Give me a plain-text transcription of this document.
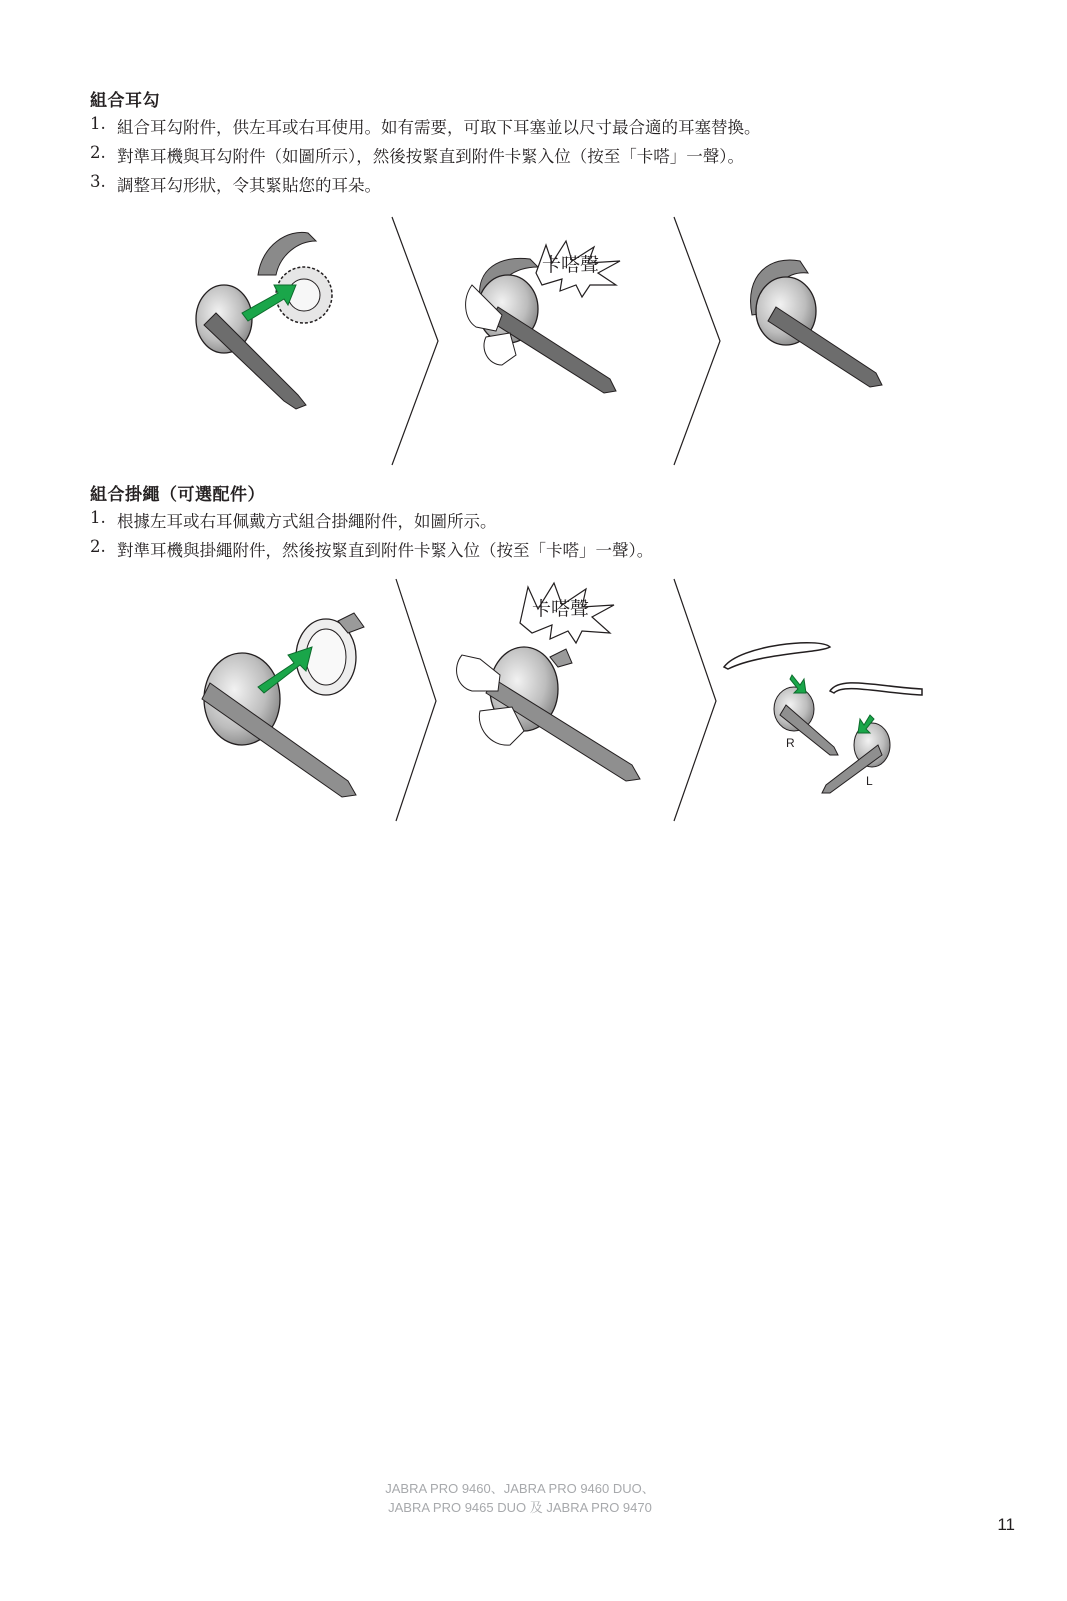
組合耳勾
1. 組合耳勾附件，供左耳或右耳使用。如有需要，可取下耳塞並以尺寸最合適的耳塞替換。
2. 對準耳機與耳勾附件（如圖所示），然後按緊直到附件卡緊入位（按至「卡嗒」一聲）。
3. 調整耳勾形狀，令其緊貼您的耳朵。
卡嗒聲
組合掛繩（可選配件）
1. 根據左耳或右耳佩戴方式組合掛繩附件，如圖所示。
2. 對準耳機與掛繩附件，然後按緊直到附件卡緊入位（按至「卡嗒」一聲）。
卡嗒聲
R
L
JABRA PRO 9460、JABRA PRO 9460 DUO、
JABRA PRO 9465 DUO 及 JABRA PRO 9470
11
